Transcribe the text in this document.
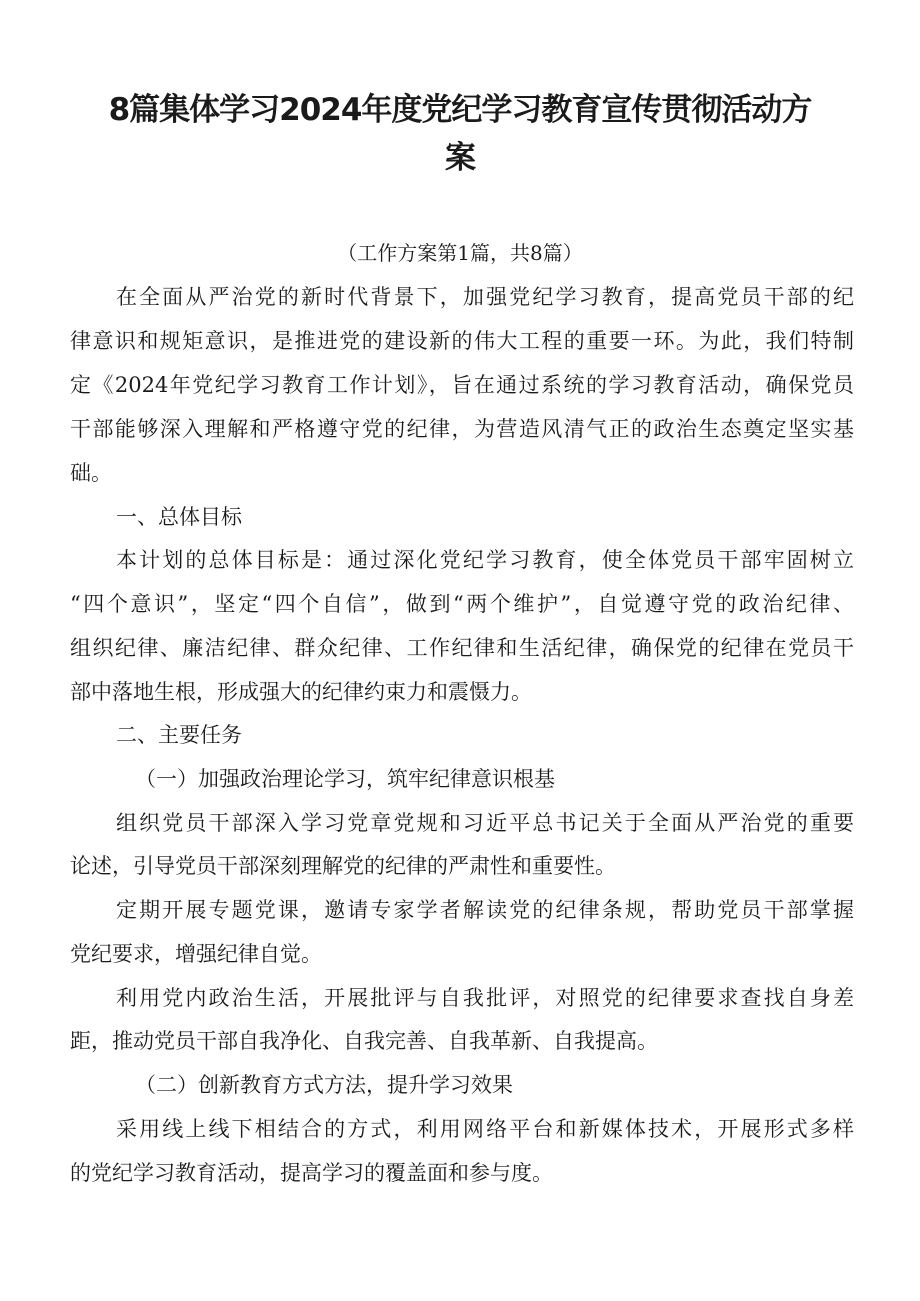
8篇集体学习2024年度党纪学习教育宣传贯彻活动方
案

（工作方案第1篇，共8篇）

在全面从严治党的新时代背景下，加强党纪学习教育，提高党员干部的纪

律意识和规矩意识，是推进党的建设新的伟大工程的重要一环。为此，我们特制

定《2024年党纪学习教育工作计划》，旨在通过系统的学习教育活动，确保党员

干部能够深入理解和严格遵守党的纪律，为营造风清气正的政治生态奠定坚实基

础。

一、总体目标

本计划的总体目标是：通过深化党纪学习教育，使全体党员干部牢固树立

“四个意识”，坚定“四个自信”，做到“两个维护”，自觉遵守党的政治纪律、

组织纪律、廉洁纪律、群众纪律、工作纪律和生活纪律，确保党的纪律在党员干

部中落地生根，形成强大的纪律约束力和震慑力。

二、主要任务

（一）加强政治理论学习，筑牢纪律意识根基

组织党员干部深入学习党章党规和习近平总书记关于全面从严治党的重要

论述，引导党员干部深刻理解党的纪律的严肃性和重要性。

定期开展专题党课，邀请专家学者解读党的纪律条规，帮助党员干部掌握

党纪要求，增强纪律自觉。

利用党内政治生活，开展批评与自我批评，对照党的纪律要求查找自身差

距，推动党员干部自我净化、自我完善、自我革新、自我提高。

（二）创新教育方式方法，提升学习效果

采用线上线下相结合的方式，利用网络平台和新媒体技术，开展形式多样

的党纪学习教育活动，提高学习的覆盖面和参与度。
